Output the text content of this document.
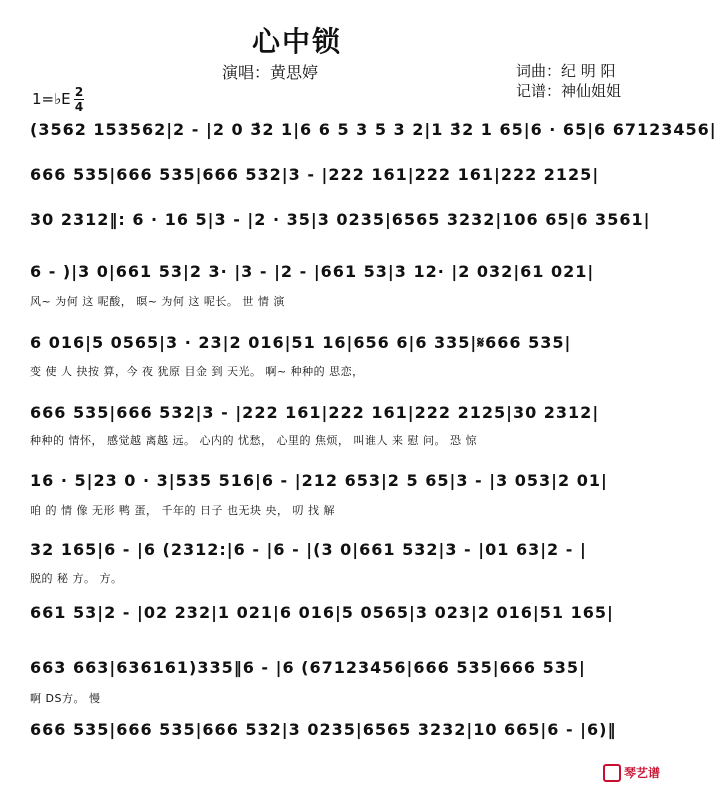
心中锁
演唱：黄思婷	词曲：纪 明 阳
记谱：神仙姐姐
1=♭E 2
4
(3562 153562|2 - |2 0 3̇2 1|6 6 5 3 5 3 2|1 3̇2 1 65|6 · 65|6 67123456|
666 535|666 535|666 532|3 - |222 161|222 161|222 2125|
30 2312‖: 6 · 16 5|3 - |2 · 35|3 0235|6565 3232|106 65|6 3561|
6 - )|3 0|661 53|2 3· |3 - |2 - |661 53|3 12· |2 032|61 021|
风~ 为何 这 呢酸， 暝~ 为何 这 呢长。 世 情 演
6 016|5 0565|3 · 23|2 016|51 16|656 6|6 335|𝄋666 535|
变 使 人 抉按 算，今 夜 犹原 目金 到 天光。 啊~ 种种的 思恋，
666 535|666 532|3 - |222 161|222 161|222 2125|30 2312|
种种的 情怀， 感觉越 离越 远。 心内的 忧愁， 心里的 焦烦， 叫谁人 来 慰 问。 恐 惊
16 · 5|23 0 · 3|535 516|6 - |212 653|2 5 65|3 - |3 053|2 01|
咱 的 情 像 无形 鸭 蛋， 千年的 日子 也无块 央， 叨 找 解
32 165|6 - |6 (2312:|6 - |6 - |(3 0|661 532|3 - |01 63|2 - |
脱的 秘 方。 方。
661 53|2 - |02 232|1 021|6 016|5 0565|3 023|2 016|51 165|
663 663|636161)335‖6 - |6 (67123456|666 535|666 535|
啊 DS方。 慢
666 535|666 535|666 532|3 0235|6565 3232|10 665|6 - |6)‖
琴艺谱
